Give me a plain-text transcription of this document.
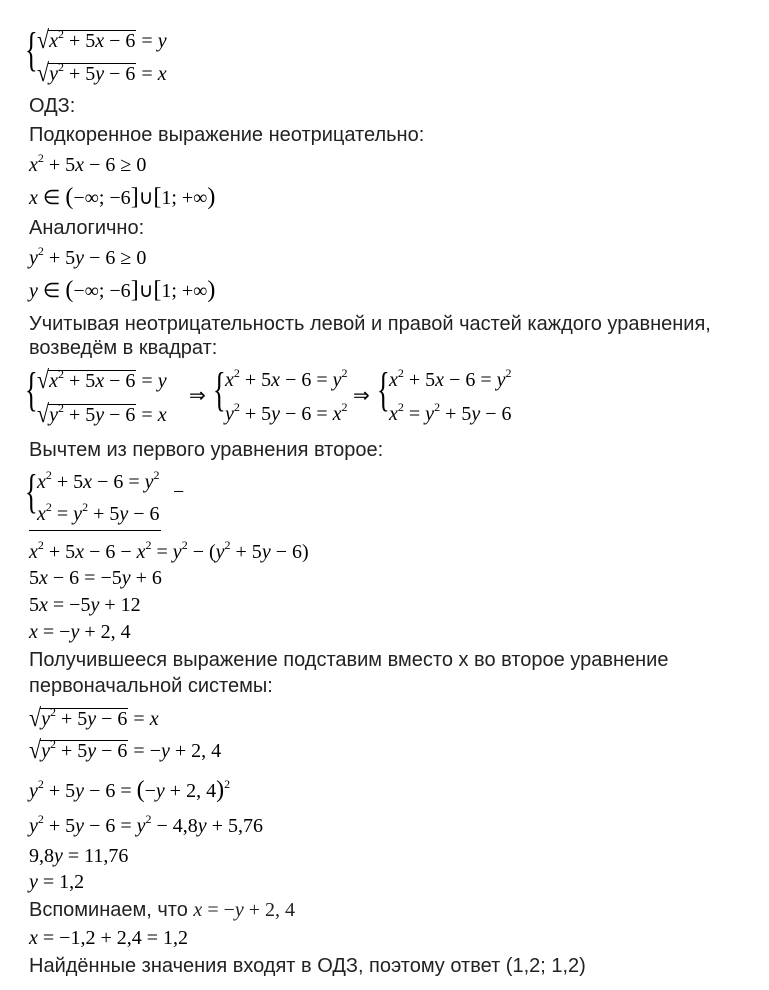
{ $√x^2 + 5x - 6 = y$
$√y^2 + 5y - 6 = x$
ОДЗ:
Подкоренное выражение неотрицательно:
$x^2 + 5x - 6 \ge 0$
x ∈ (−∞; −6]∪[1; +∞)
Аналогично:
$y^2 + 5y - 6 \ge 0$
y ∈ (−∞; −6]∪[1; +∞)
Учитывая неотрицательность левой и правой частей каждого уравнения,
возведём в квадрат:
{ $√x^2 + 5x - 6 = y$
$√y^2 + 5y - 6 = x$
⇒ { $x^2 + 5x - 6 = y^2$
$y^2 + 5y - 6 = x^2$ ⇒ { $x^2 + 5x - 6 = y^2$
$x^2 = y^2 + 5y - 6$
Вычтем из первого уравнения второе:
{ $x^2 + 5x - 6 = y^2$
$x^2 = y^2 + 5y - 6$
−
$x^2 + 5x - 6 - x^2 = y^2 - (y^2 + 5y - 6)$
5x − 6 = −5y + 6
5x = −5y + 12
x = −y + 2, 4
Получившееся выражение подставим вместо х во второе уравнение
первоначальной системы:
$√y^2 + 5y - 6 = x$
$√y^2 + 5y - 6 = -y + 2$, 4
$y^2 + 5y - 6 = (-y + 2$, 4)$^2$
$y^2 + 5y - 6 = y^2 - 4,8y + 5,76$
9,8y = 11,76
y = 1,2
Вспоминаем, что x = −y + 2, 4
x = −1,2 + 2,4 = 1,2
Найдённые значения входят в ОДЗ, поэтому ответ (1,2; 1,2)
